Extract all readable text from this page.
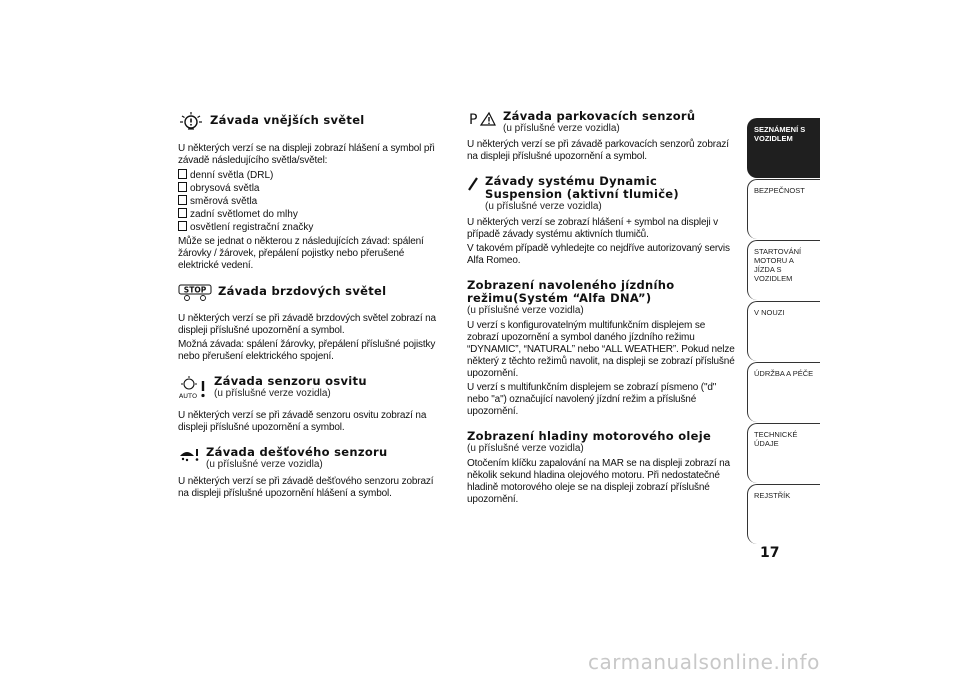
Závada vnějších světel

U některých verzí se na displeji zobrazí hlášení a symbol při závadě následujícího světla/světel:

denní světla (DRL)
obrysová světla
směrová světla
zadní světlomet do mlhy
osvětlení registrační značky

Může se jednat o některou z následujících závad: spálení žárovky / žárovek, přepálení pojistky nebo přerušené elektrické vedení.

STOP Závada brzdových světel

U některých verzí se při závadě brzdových světel zobrazí na displeji příslušné upozornění a symbol.

Možná závada: spálení žárovky, přepálení příslušné pojistky nebo přerušení elektrického spojení.

AUTO
Závada senzoru osvitu
(u příslušné verze vozidla)

U některých verzí se při závadě senzoru osvitu zobrazí na displeji příslušné upozornění a symbol.

Závada dešťového senzoru
(u příslušné verze vozidla)

U některých verzí se při závadě dešťového senzoru zobrazí na displeji příslušné upozornění hlášení a symbol.

P Závada parkovacích senzorů
(u příslušné verze vozidla)

U některých verzí se při závadě parkovacích senzorů zobrazí na displeji příslušné upozornění a symbol.

Závady systému Dynamic Suspension (aktivní tlumiče)
(u příslušné verze vozidla)

U některých verzí se zobrazí hlášení + symbol na displeji v případě závady systému aktivních tlumičů.

V takovém případě vyhledejte co nejdříve autorizovaný servis Alfa Romeo.

Zobrazení navoleného jízdního režimu(Systém “Alfa DNA”)
(u příslušné verze vozidla)

U verzí s konfigurovatelným multifunkčním displejem se zobrazí upozornění a symbol daného jízdního režimu “DYNAMIC”, “NATURAL” nebo “ALL WEATHER”. Pokud nelze některý z těchto režimů navolit, na displeji se zobrazí příslušné upozornění.

U verzí s multifunkčním displejem se zobrazí písmeno ("d" nebo "a") označující navolený jízdní režim a příslušné upozornění.

Zobrazení hladiny motorového oleje
(u příslušné verze vozidla)

Otočením klíčku zapalování na MAR se na displeji zobrazí na několik sekund hladina olejového motoru. Při nedostatečné hladině motorového oleje se na displeji zobrazí příslušné upozornění.

SEZNÁMENÍ S VOZIDLEM
BEZPEČNOST
STARTOVÁNÍ MOTORU A JÍZDA S VOZIDLEM
V NOUZI
ÚDRŽBA A PÉČE
TECHNICKÉ ÚDAJE
REJSTŘÍK
17
carmanualsonline.info
